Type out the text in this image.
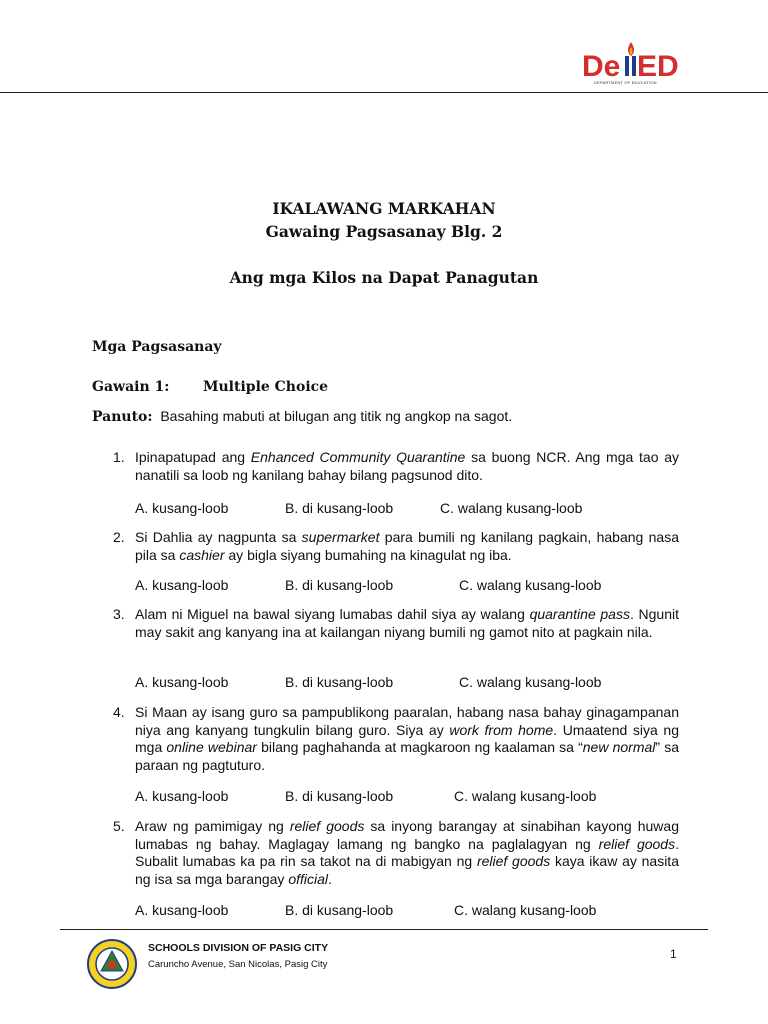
De ED
DEPARTMENT OF EDUCATION
IKALAWANG MARKAHAN
Gawaing Pagsasanay Blg. 2
Ang mga Kilos na Dapat Panagutan
Mga Pagsasanay
Gawain 1: Multiple Choice
Panuto: Basahing mabuti at bilugan ang titik ng angkop na sagot.
1. Ipinapatupad ang Enhanced Community Quarantine sa buong NCR. Ang mga tao ay nanatili sa loob ng kanilang bahay bilang pagsunod dito.
A. kusang-loob	B. di kusang-loob	C. walang kusang-loob
2. Si Dahlia ay nagpunta sa supermarket para bumili ng kanilang pagkain, habang nasa pila sa cashier ay bigla siyang bumahing na kinagulat ng iba.
A. kusang-loob	B. di kusang-loob	C. walang kusang-loob
3. Alam ni Miguel na bawal siyang lumabas dahil siya ay walang quarantine pass. Ngunit may sakit ang kanyang ina at kailangan niyang bumili ng gamot nito at pagkain nila.
A. kusang-loob	B. di kusang-loob	C. walang kusang-loob
4. Si Maan ay isang guro sa pampublikong paaralan, habang nasa bahay ginagampanan niya ang kanyang tungkulin bilang guro. Siya ay work from home. Umaatend siya ng mga online webinar bilang paghahanda at magkaroon ng kaalaman sa “new normal” sa paraan ng pagtuturo.
A. kusang-loob	B. di kusang-loob	C. walang kusang-loob
5. Araw ng pamimigay ng relief goods sa inyong barangay at sinabihan kayong huwag lumabas ng bahay. Maglagay lamang ng bangko na paglalagyan ng relief goods. Subalit lumabas ka pa rin sa takot na di mabigyan ng relief goods kaya ikaw ay nasita ng isa sa mga barangay official.
A. kusang-loob	B. di kusang-loob	C. walang kusang-loob
SCHOOLS DIVISION OF PASIG CITY
Caruncho Avenue, San Nicolas, Pasig City
1
